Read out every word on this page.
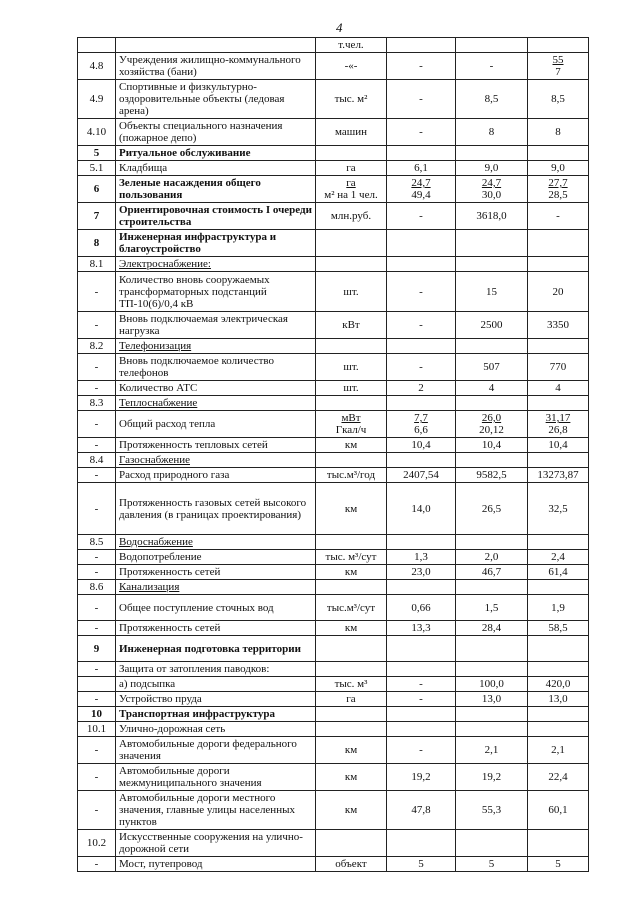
4
		т.чел.			
4.8	Учреждения жилищно-коммунального хозяйства (бани)	-«-	-	-	$\frac{55}{7}$

4.9	Спортивные и физкультурно-оздоровительные объекты (ледовая арена)	тыс. м²	-	8,5	8,5
4.10	Объекты специального назначения (пожарное депо)	машин	-	8	8
5	Ритуальное обслуживание				
5.1	Кладбища	га	6,1	9,0	9,0
6	Зеленые насаждения общего пользования	$\frac{га}{\text{м² на 1 чел.}}$	$\frac{24,7}{49,4}$	$\frac{24,7}{30,0}$	$\frac{27,7}{28,5}$

7	Ориентировочная стоимость I очереди строительства	млн.руб.	-	3618,0	-
8	Инженерная инфраструктура и благоустройство				
8.1	Электроснабжение:				
-	Количество вновь сооружаемых трансформаторных подстанций ТП-10(6)/0,4 кВ	шт.	-	15	20
-	Вновь подключаемая электрическая нагрузка	кВт	-	2500	3350
8.2	Телефонизация				
-	Вновь подключаемое количество телефонов	шт.	-	507	770
-	Количество АТС	шт.	2	4	4
8.3	Теплоснабжение				
-	Общий расход тепла	$\frac{\text{мВт}}{\text{Гкал/ч}}$	$\frac{7,7}{6,6}$	$\frac{26,0}{20,12}$	$\frac{31,17}{26,8}$

-	Протяженность тепловых сетей	км	10,4	10,4	10,4
8.4	Газоснабжение				
-	Расход природного газа	тыс.м³/год	2407,54	9582,5	13273,87
-	Протяженность газовых сетей высокого давления (в границах проектирования)	км	14,0	26,5	32,5
8.5	Водоснабжение				
-	Водопотребление	тыс. м³/сут	1,3	2,0	2,4
-	Протяженность сетей	км	23,0	46,7	61,4
8.6	Канализация				
-	Общее поступление сточных вод	тыс.м³/сут	0,66	1,5	1,9
-	Протяженность сетей	км	13,3	28,4	58,5
9	Инженерная подготовка территории				
-	Защита от затопления паводков:				
	а) подсыпка	тыс. м³	-	100,0	420,0
-	Устройство пруда	га	-	13,0	13,0
10	Транспортная инфраструктура				
10.1	Улично-дорожная сеть				
-	Автомобильные дороги федерального значения	км	-	2,1	2,1
-	Автомобильные дороги межмуниципального значения	км	19,2	19,2	22,4
-	Автомобильные дороги местного значения, главные улицы населенных пунктов	км	47,8	55,3	60,1
10.2	Искусственные сооружения на улично-дорожной сети				
-	Мост, путепровод	объект	5	5	5
